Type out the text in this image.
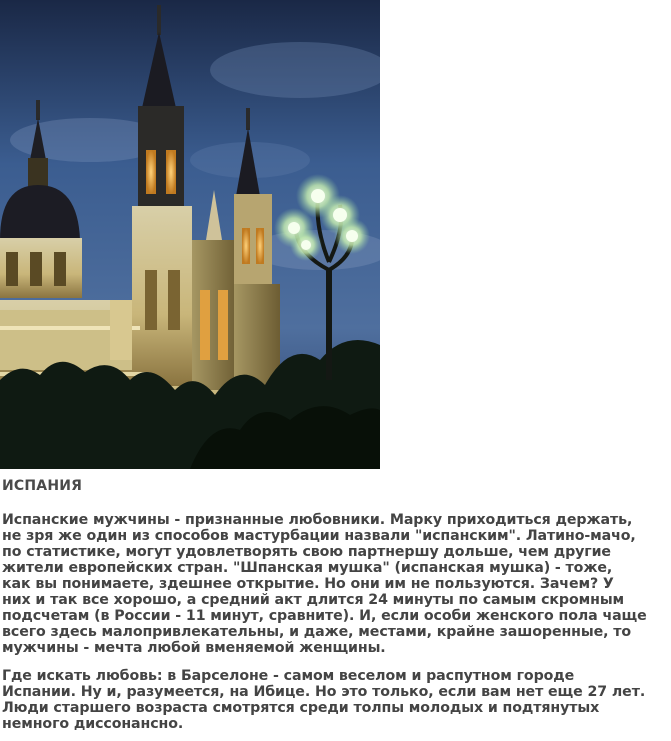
ИСПАНИЯ

Испанские мужчины - признанные любовники. Марку приходиться держать,
не зря же один из способов мастурбации назвали "испанским". Латино-мачо,
по статистике, могут удовлетворять свою партнершу дольше, чем другие
жители европейских стран. "Шпанская мушка" (испанская мушка) - тоже,
как вы понимаете, здешнее открытие. Но они им не пользуются. Зачем? У
них и так все хорошо, а средний акт длится 24 минуты по самым скромным
подсчетам (в России - 11 минут, сравните). И, если особи женского пола чаще
всего здесь малопривлекательны, и даже, местами, крайне зашоренные, то
мужчины - мечта любой вменяемой женщины.

Где искать любовь: в Барселоне - самом веселом и распутном городе
Испании. Ну и, разумеется, на Ибице. Но это только, если вам нет еще 27 лет.
Люди старшего возраста смотрятся среди толпы молодых и подтянутых
немного диссонансно.
